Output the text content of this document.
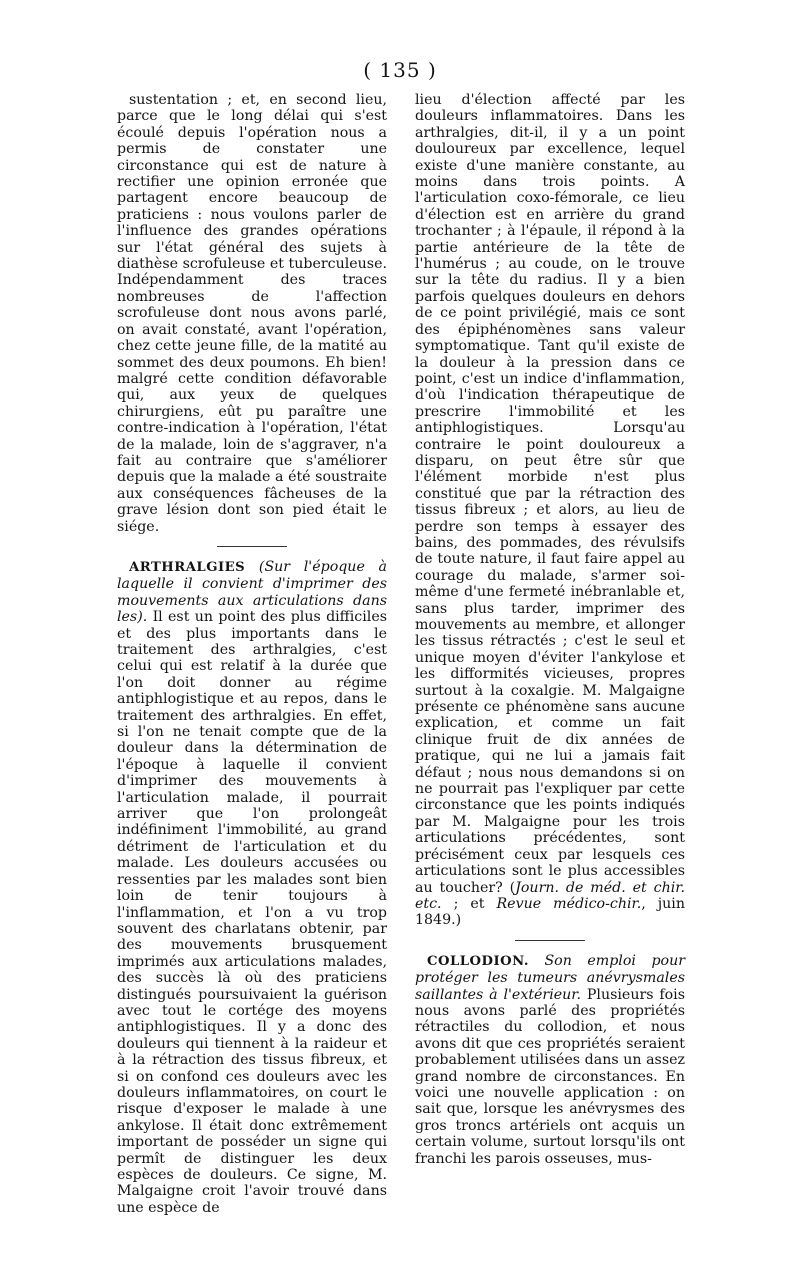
( 135 )

sustentation ; et, en second lieu, parce que le long délai qui s'est écoulé depuis l'opération nous a permis de constater une circonstance qui est de nature à rectifier une opinion erronée que partagent encore beaucoup de praticiens : nous voulons parler de l'influence des grandes opérations sur l'état général des sujets à diathèse scrofuleuse et tuberculeuse. Indépendamment des traces nombreuses de l'affection scrofuleuse dont nous avons parlé, on avait constaté, avant l'opération, chez cette jeune fille, de la matité au sommet des deux poumons. Eh bien! malgré cette condition défavorable qui, aux yeux de quelques chirurgiens, eût pu paraître une contre-indication à l'opération, l'état de la malade, loin de s'aggraver, n'a fait au contraire que s'améliorer depuis que la malade a été soustraite aux conséquences fâcheuses de la grave lésion dont son pied était le siége.

ARTHRALGIES (Sur l'époque à laquelle il convient d'imprimer des mouvements aux articulations dans les). Il est un point des plus difficiles et des plus importants dans le traitement des arthralgies, c'est celui qui est relatif à la durée que l'on doit donner au régime antiphlogistique et au repos, dans le traitement des arthralgies. En effet, si l'on ne tenait compte que de la douleur dans la détermination de l'époque à laquelle il convient d'imprimer des mouvements à l'articulation malade, il pourrait arriver que l'on prolongeât indéfiniment l'immobilité, au grand détriment de l'articulation et du malade. Les douleurs accusées ou ressenties par les malades sont bien loin de tenir toujours à l'inflammation, et l'on a vu trop souvent des charlatans obtenir, par des mouvements brusquement imprimés aux articulations malades, des succès là où des praticiens distingués poursuivaient la guérison avec tout le cortége des moyens antiphlogistiques. Il y a donc des douleurs qui tiennent à la raideur et à la rétraction des tissus fibreux, et si on confond ces douleurs avec les douleurs inflammatoires, on court le risque d'exposer le malade à une ankylose. Il était donc extrêmement important de posséder un signe qui permît de distinguer les deux espèces de douleurs. Ce signe, M. Malgaigne croit l'avoir trouvé dans une espèce de

lieu d'élection affecté par les douleurs inflammatoires. Dans les arthralgies, dit-il, il y a un point douloureux par excellence, lequel existe d'une manière constante, au moins dans trois points. A l'articulation coxo-fémorale, ce lieu d'élection est en arrière du grand trochanter ; à l'épaule, il répond à la partie antérieure de la tête de l'humérus ; au coude, on le trouve sur la tête du radius. Il y a bien parfois quelques douleurs en dehors de ce point privilégié, mais ce sont des épiphénomènes sans valeur symptomatique. Tant qu'il existe de la douleur à la pression dans ce point, c'est un indice d'inflammation, d'où l'indication thérapeutique de prescrire l'immobilité et les antiphlogistiques. Lorsqu'au contraire le point douloureux a disparu, on peut être sûr que l'élément morbide n'est plus constitué que par la rétraction des tissus fibreux ; et alors, au lieu de perdre son temps à essayer des bains, des pommades, des révulsifs de toute nature, il faut faire appel au courage du malade, s'armer soi-même d'une fermeté inébranlable et, sans plus tarder, imprimer des mouvements au membre, et allonger les tissus rétractés ; c'est le seul et unique moyen d'éviter l'ankylose et les difformités vicieuses, propres surtout à la coxalgie. M. Malgaigne présente ce phénomène sans aucune explication, et comme un fait clinique fruit de dix années de pratique, qui ne lui a jamais fait défaut ; nous nous demandons si on ne pourrait pas l'expliquer par cette circonstance que les points indiqués par M. Malgaigne pour les trois articulations précédentes, sont précisément ceux par lesquels ces articulations sont le plus accessibles au toucher? (Journ. de méd. et chir. etc. ; et Revue médico-chir., juin 1849.)

COLLODION. Son emploi pour protéger les tumeurs anévrysmales saillantes à l'extérieur. Plusieurs fois nous avons parlé des propriétés rétractiles du collodion, et nous avons dit que ces propriétés seraient probablement utilisées dans un assez grand nombre de circonstances. En voici une nouvelle application : on sait que, lorsque les anévrysmes des gros troncs artériels ont acquis un certain volume, surtout lorsqu'ils ont franchi les parois osseuses, mus-
